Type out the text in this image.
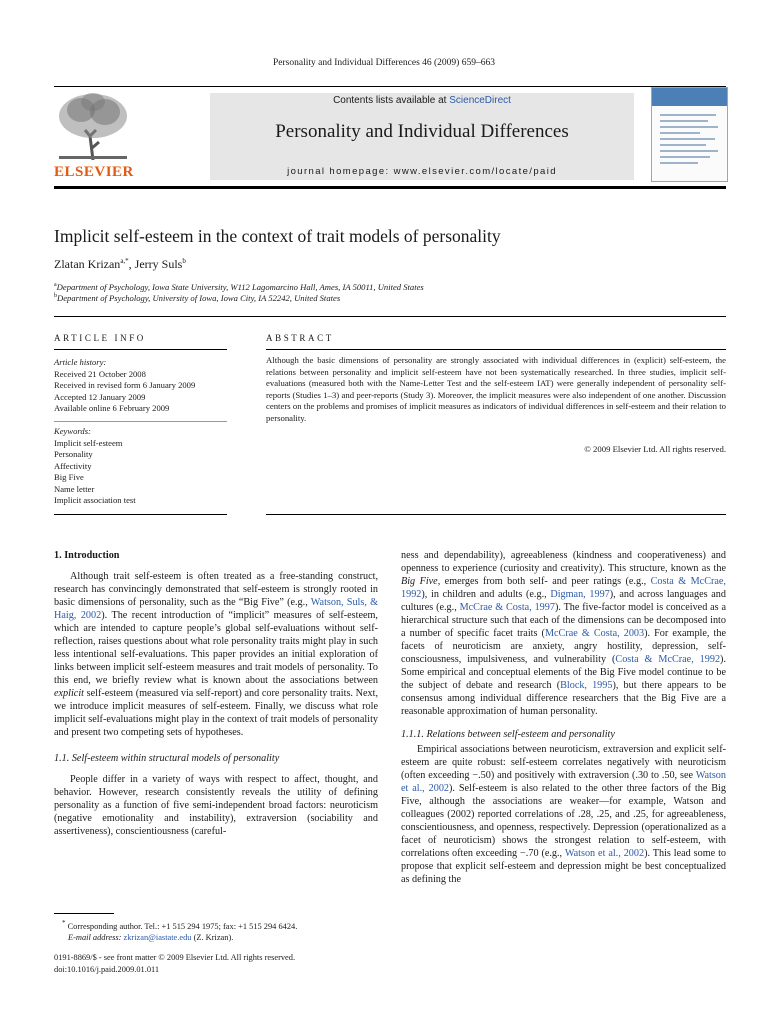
Personality and Individual Differences 46 (2009) 659–663
ELSEVIER
Contents lists available at ScienceDirect
Personality and Individual Differences
journal homepage: www.elsevier.com/locate/paid
Implicit self-esteem in the context of trait models of personality
Zlatan Krizan$^{a,*}$, Jerry Suls$^b$
$^a$Department of Psychology, Iowa State University, W112 Lagomarcino Hall, Ames, IA 50011, United States
$^b$Department of Psychology, University of Iowa, Iowa City, IA 52242, United States
ARTICLE INFO
Article history:
Received 21 October 2008
Received in revised form 6 January 2009
Accepted 12 January 2009
Available online 6 February 2009
Keywords:
Implicit self-esteem
Personality
Affectivity
Big Five
Name letter
Implicit association test
ABSTRACT
Although the basic dimensions of personality are strongly associated with individual differences in (explicit) self-esteem, the relations between personality and implicit self-esteem have not been systematically researched. In three studies, implicit self-evaluations (measured both with the Name-Letter Test and the self-esteem IAT) were generally independent of personality self-reports (Studies 1–3) and peer-reports (Study 3). Moreover, the implicit measures were also independent of one another. Discussion centers on the problems and promises of implicit measures as indicators of individual differences in self-esteem and their relation to personality.
© 2009 Elsevier Ltd. All rights reserved.
1. Introduction

Although trait self-esteem is often treated as a free-standing construct, research has convincingly demonstrated that self-esteem is strongly rooted in basic dimensions of personality, such as the “Big Five” (e.g., Watson, Suls, & Haig, 2002). The recent introduction of “implicit” measures of self-esteem, which are intended to capture people’s global self-evaluations without self-reflection, raises questions about what role personality traits might play in such less intentional self-evaluations. This paper provides an initial exploration of links between implicit self-esteem measures and trait models of personality. To this end, we briefly review what is known about the associations between explicit self-esteem (measured via self-report) and core personality traits. Next, we introduce implicit measures of self-esteem. Finally, we discuss what role implicit self-evaluations might play in the context of trait models of personality and present two competing sets of hypotheses.

1.1. Self-esteem within structural models of personality

People differ in a variety of ways with respect to affect, thought, and behavior. However, research consistently reveals the utility of defining personality as a function of five semi-independent broad factors: neuroticism (negative emotionality and instability), extraversion (sociability and assertiveness), conscientiousness (careful-

* Corresponding author. Tel.: +1 515 294 1975; fax: +1 515 294 6424.
E-mail address: zkrizan@iastate.edu (Z. Krizan).
0191-8869/$ - see front matter © 2009 Elsevier Ltd. All rights reserved.
doi:10.1016/j.paid.2009.01.011

ness and dependability), agreeableness (kindness and cooperativeness) and openness to experience (curiosity and creativity). This structure, known as the Big Five, emerges from both self- and peer ratings (e.g., Costa & McCrae, 1992), in children and adults (e.g., Digman, 1997), and across languages and cultures (e.g., McCrae & Costa, 1997). The five-factor model is conceived as a hierarchical structure such that each of the dimensions can be decomposed into a number of specific facet traits (McCrae & Costa, 2003). For example, the facets of neuroticism are anxiety, angry hostility, depression, self-consciousness, impulsiveness, and vulnerability (Costa & McCrae, 1992). Some empirical and conceptual elements of the Big Five model continue to be the subject of debate and research (Block, 1995), but there appears to be consensus among individual difference researchers that the Big Five are a reasonable approximation of human personality.

1.1.1. Relations between self-esteem and personality

Empirical associations between neuroticism, extraversion and explicit self-esteem are quite robust: self-esteem correlates negatively with neuroticism (often exceeding −.50) and positively with extraversion (.30 to .50, see Watson et al., 2002). Self-esteem is also related to the other three factors of the Big Five, although the associations are weaker—for example, Watson and colleagues (2002) reported correlations of .28, .25, and .25, for agreeableness, conscientiousness, and openness, respectively. Depression (operationalized as a facet of neuroticism) shows the strongest relation to self-esteem, with correlations often exceeding −.70 (e.g., Watson et al., 2002). This lead some to propose that explicit self-esteem and depression might be best conceptualized as defining the
